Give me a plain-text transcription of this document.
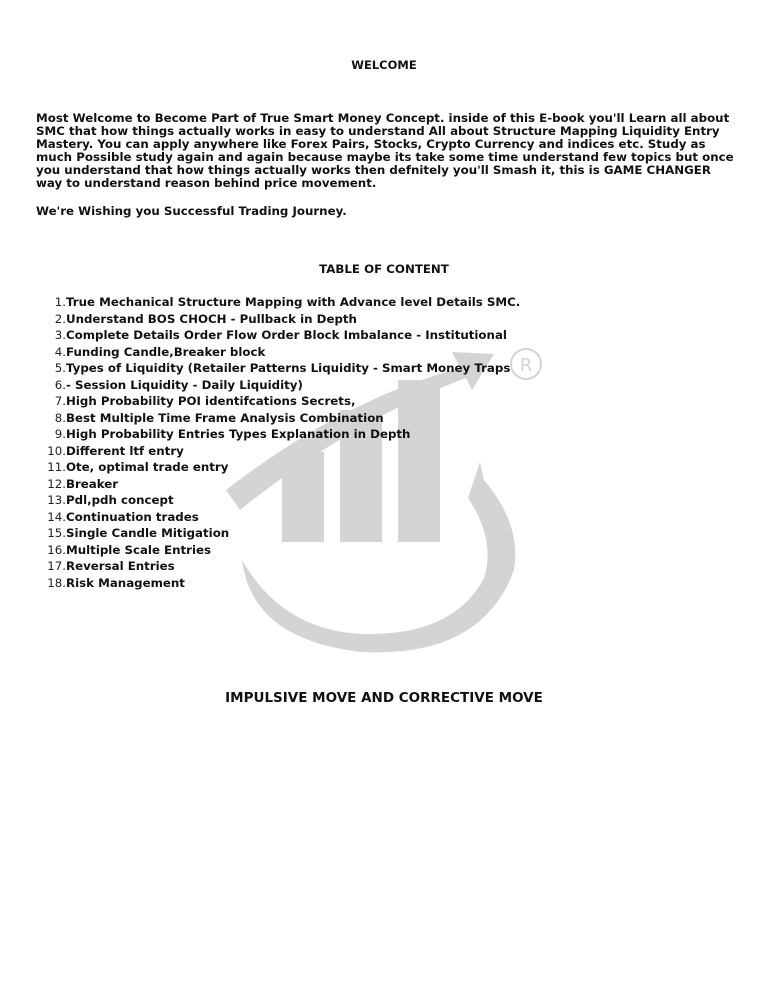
R
WELCOME

Most Welcome to Become Part of True Smart Money Concept. inside of this E-book you'll Learn all about SMC that how things actually works in easy to understand All about Structure Mapping Liquidity Entry Mastery. You can apply anywhere like Forex Pairs, Stocks, Crypto Currency and indices etc. Study as much Possible study again and again because maybe its take some time understand few topics but once you understand that how things actually works then defnitely you'll Smash it, this is GAME CHANGER way to understand reason behind price movement.

We're Wishing you Successful Trading Journey.

TABLE OF CONTENT
1. True Mechanical Structure Mapping with Advance level Details SMC.
2. Understand BOS CHOCH - Pullback in Depth
3. Complete Details Order Flow Order Block Imbalance - Institutional
4. Funding Candle,Breaker block
5. Types of Liquidity (Retailer Patterns Liquidity - Smart Money Traps
6. - Session Liquidity - Daily Liquidity)
7. High Probability POI identifcations Secrets,
8. Best Multiple Time Frame Analysis Combination
9. High Probability Entries Types Explanation in Depth
10. Different ltf entry
11. Ote, optimal trade entry
12. Breaker
13. Pdl,pdh concept
14. Continuation trades
15. Single Candle Mitigation
16. Multiple Scale Entries
17. Reversal Entries
18. Risk Management
IMPULSIVE MOVE AND CORRECTIVE MOVE
